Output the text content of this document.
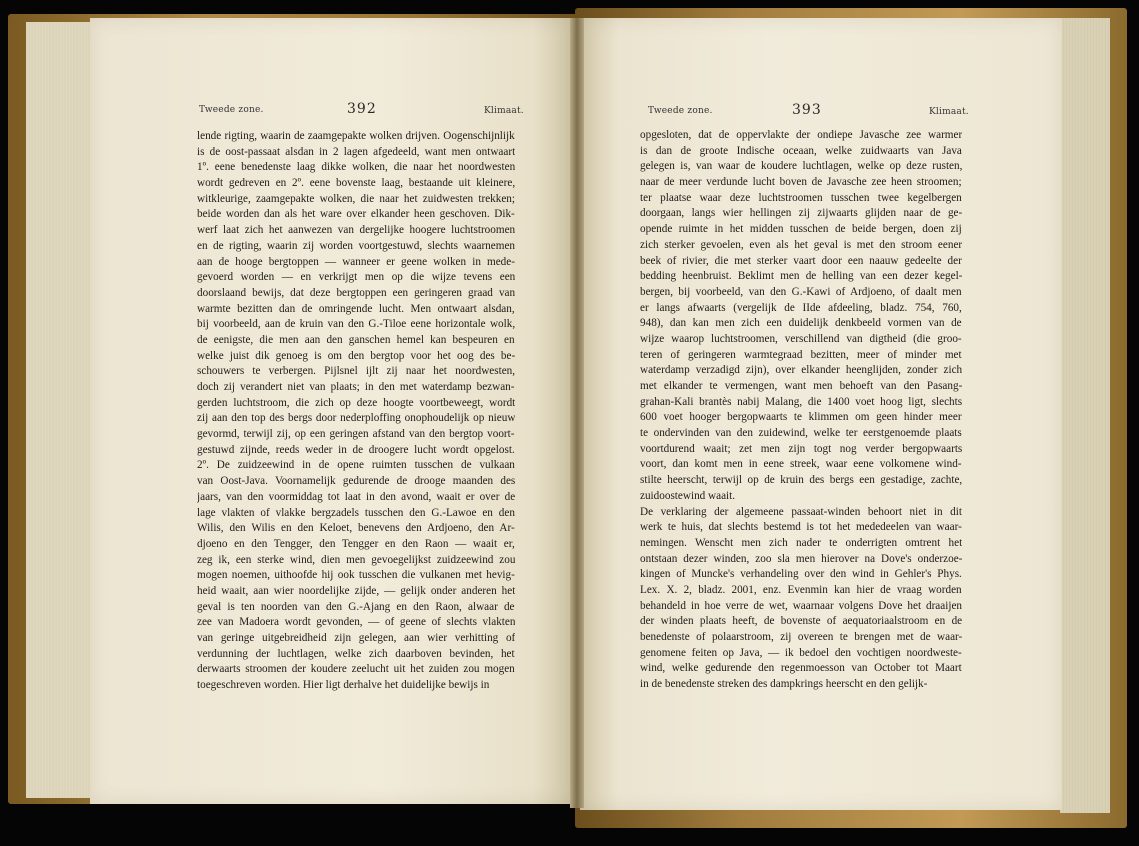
Tweede zone.	392	Klimaat.	Tweede zone.	393	Klimaat.
lende rigting, waarin de zaamgepakte wolken drijven. Oogenschijnlijk
is de oost-passaat alsdan in 2 lagen afgedeeld, want men ontwaart
1º. eene benedenste laag dikke wolken, die naar het noordwesten
wordt gedreven en 2º. eene bovenste laag, bestaande uit kleinere,
witkleurige, zaamgepakte wolken, die naar het zuidwesten trekken;
beide worden dan als het ware over elkander heen geschoven. Dik-
werf laat zich het aanwezen van dergelijke hoogere luchtstroomen
en de rigting, waarin zij worden voortgestuwd, slechts waarnemen
aan de hooge bergtoppen — wanneer er geene wolken in mede-
gevoerd worden — en verkrijgt men op die wijze tevens een
doorslaand bewijs, dat deze bergtoppen een geringeren graad van
warmte bezitten dan de omringende lucht. Men ontwaart alsdan,
bij voorbeeld, aan de kruin van den G.-Tiloe eene horizontale wolk,
de eenigste, die men aan den ganschen hemel kan bespeuren en
welke juist dik genoeg is om den bergtop voor het oog des be-
schouwers te verbergen. Pijlsnel ijlt zij naar het noordwesten,
doch zij verandert niet van plaats; in den met waterdamp bezwan-
gerden luchtstroom, die zich op deze hoogte voortbeweegt, wordt
zij aan den top des bergs door nederploffing onophoudelijk op nieuw
gevormd, terwijl zij, op een geringen afstand van den bergtop voort-
gestuwd zijnde, reeds weder in de droogere lucht wordt opgelost.
2º. De zuidzeewind in de opene ruimten tusschen de vulkaan
van Oost-Java. Voornamelijk gedurende de drooge maanden des
jaars, van den voormiddag tot laat in den avond, waait er over de
lage vlakten of vlakke bergzadels tusschen den G.-Lawoe en den
Wilis, den Wilis en den Keloet, benevens den Ardjoeno, den Ar-
djoeno en den Tengger, den Tengger en den Raon — waait er,
zeg ik, een sterke wind, dien men gevoegelijkst zuidzeewind zou
mogen noemen, uithoofde hij ook tusschen die vulkanen met hevig-
heid waait, aan wier noordelijke zijde, — gelijk onder anderen het
geval is ten noorden van den G.-Ajang en den Raon, alwaar de
zee van Madoera wordt gevonden, — of geene of slechts vlakten
van geringe uitgebreidheid zijn gelegen, aan wier verhitting of
verdunning der luchtlagen, welke zich daarboven bevinden, het
derwaarts stroomen der koudere zeelucht uit het zuiden zou mogen
toegeschreven worden. Hier ligt derhalve het duidelijke bewijs in
opgesloten, dat de oppervlakte der ondiepe Javasche zee warmer
is dan de groote Indische oceaan, welke zuidwaarts van Java
gelegen is, van waar de koudere luchtlagen, welke op deze rusten,
naar de meer verdunde lucht boven de Javasche zee heen stroomen;
ter plaatse waar deze luchtstroomen tusschen twee kegelbergen
doorgaan, langs wier hellingen zij zijwaarts glijden naar de ge-
opende ruimte in het midden tusschen de beide bergen, doen zij
zich sterker gevoelen, even als het geval is met den stroom eener
beek of rivier, die met sterker vaart door een naauw gedeelte der
bedding heenbruist. Beklimt men de helling van een dezer kegel-
bergen, bij voorbeeld, van den G.-Kawi of Ardjoeno, of daalt men
er langs afwaarts (vergelijk de IIde afdeeling, bladz. 754, 760,
948), dan kan men zich een duidelijk denkbeeld vormen van de
wijze waarop luchtstroomen, verschillend van digtheid (die groo-
teren of geringeren warmtegraad bezitten, meer of minder met
waterdamp verzadigd zijn), over elkander heenglijden, zonder zich
met elkander te vermengen, want men behoeft van den Pasang-
grahan-Kali brantès nabij Malang, die 1400 voet hoog ligt, slechts
600 voet hooger bergopwaarts te klimmen om geen hinder meer
te ondervinden van den zuidewind, welke ter eerstgenoemde plaats
voortdurend waait; zet men zijn togt nog verder bergopwaarts
voort, dan komt men in eene streek, waar eene volkomene wind-
stilte heerscht, terwijl op de kruin des bergs een gestadige, zachte,
zuidoostewind waait.
De verklaring der algemeene passaat-winden behoort niet in dit
werk te huis, dat slechts bestemd is tot het mededeelen van waar-
nemingen. Wenscht men zich nader te onderrigten omtrent het
ontstaan dezer winden, zoo sla men hierover na Dove's onderzoe-
kingen of Muncke's verhandeling over den wind in Gehler's Phys.
Lex. X. 2, bladz. 2001, enz. Evenmin kan hier de vraag worden
behandeld in hoe verre de wet, waarnaar volgens Dove het draaijen
der winden plaats heeft, de bovenste of aequatoriaalstroom en de
benedenste of polaarstroom, zij overeen te brengen met de waar-
genomene feiten op Java, — ik bedoel den vochtigen noordweste-
wind, welke gedurende den regenmoesson van October tot Maart
in de benedenste streken des dampkrings heerscht en den gelijk-
